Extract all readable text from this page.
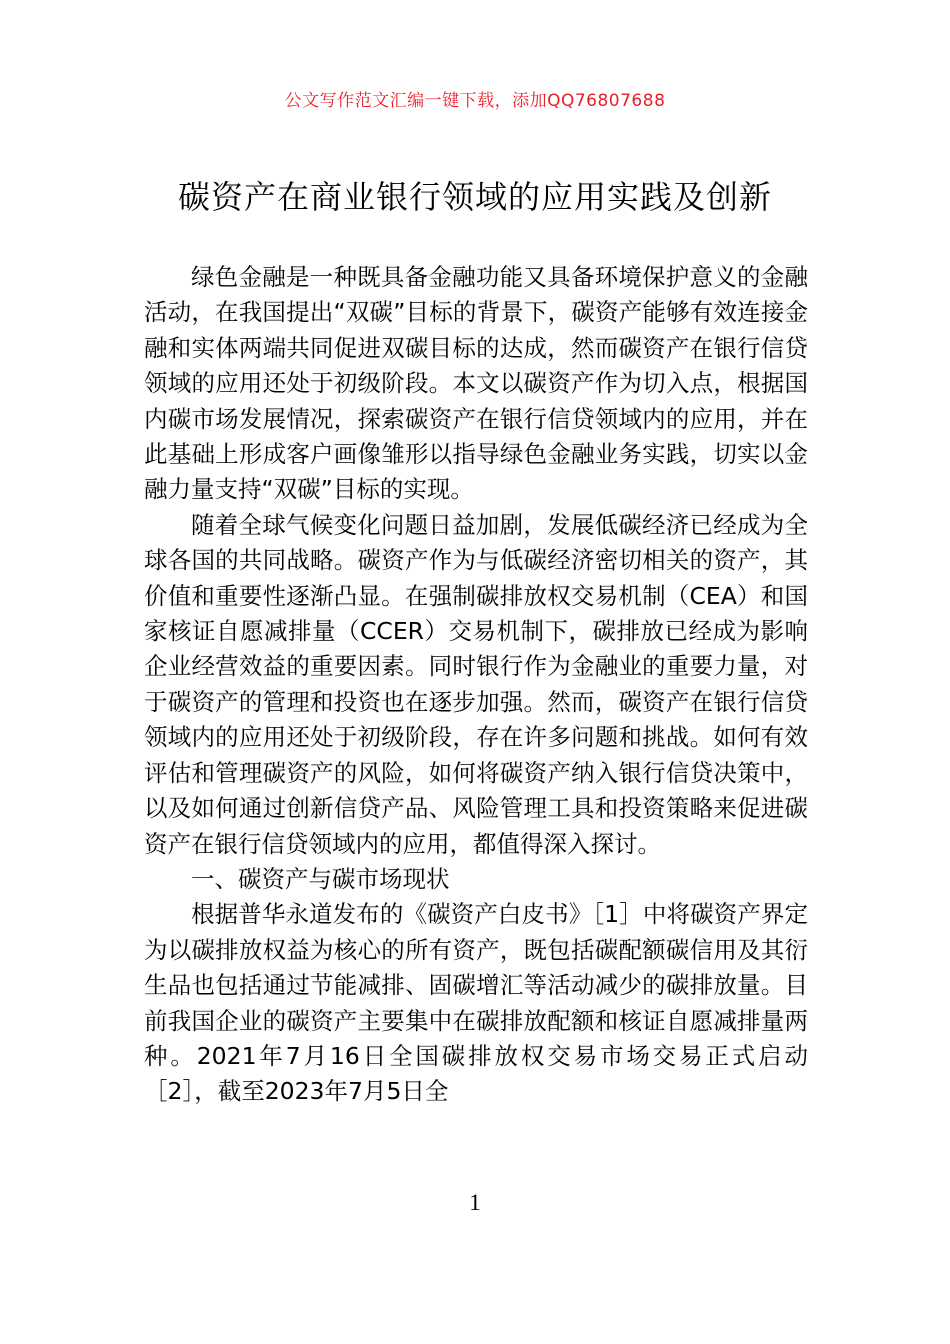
公文写作范文汇编一键下载，添加QQ76807688
碳资产在商业银行领域的应用实践及创新

绿色金融是一种既具备金融功能又具备环境保护意义的金融活动，在我国提出“双碳”目标的背景下，碳资产能够有效连接金融和实体两端共同促进双碳目标的达成，然而碳资产在银行信贷领域的应用还处于初级阶段。本文以碳资产作为切入点，根据国内碳市场发展情况，探索碳资产在银行信贷领域内的应用，并在此基础上形成客户画像雏形以指导绿色金融业务实践，切实以金融力量支持“双碳”目标的实现。

随着全球气候变化问题日益加剧，发展低碳经济已经成为全球各国的共同战略。碳资产作为与低碳经济密切相关的资产，其价值和重要性逐渐凸显。在强制碳排放权交易机制（CEA）和国家核证自愿减排量（CCER）交易机制下，碳排放已经成为影响企业经营效益的重要因素。同时银行作为金融业的重要力量，对于碳资产的管理和投资也在逐步加强。然而，碳资产在银行信贷领域内的应用还处于初级阶段，存在许多问题和挑战。如何有效评估和管理碳资产的风险，如何将碳资产纳入银行信贷决策中，以及如何通过创新信贷产品、风险管理工具和投资策略来促进碳资产在银行信贷领域内的应用，都值得深入探讨。

一、碳资产与碳市场现状

根据普华永道发布的《碳资产白皮书》［1］中将碳资产界定为以碳排放权益为核心的所有资产，既包括碳配额碳信用及其衍生品也包括通过节能减排、固碳增汇等活动减少的碳排放量。目前我国企业的碳资产主要集中在碳排放配额和核证自愿减排量两种。2021年7月16日全国碳排放权交易市场交易正式启动［2］，截至2023年7月5日全

1
